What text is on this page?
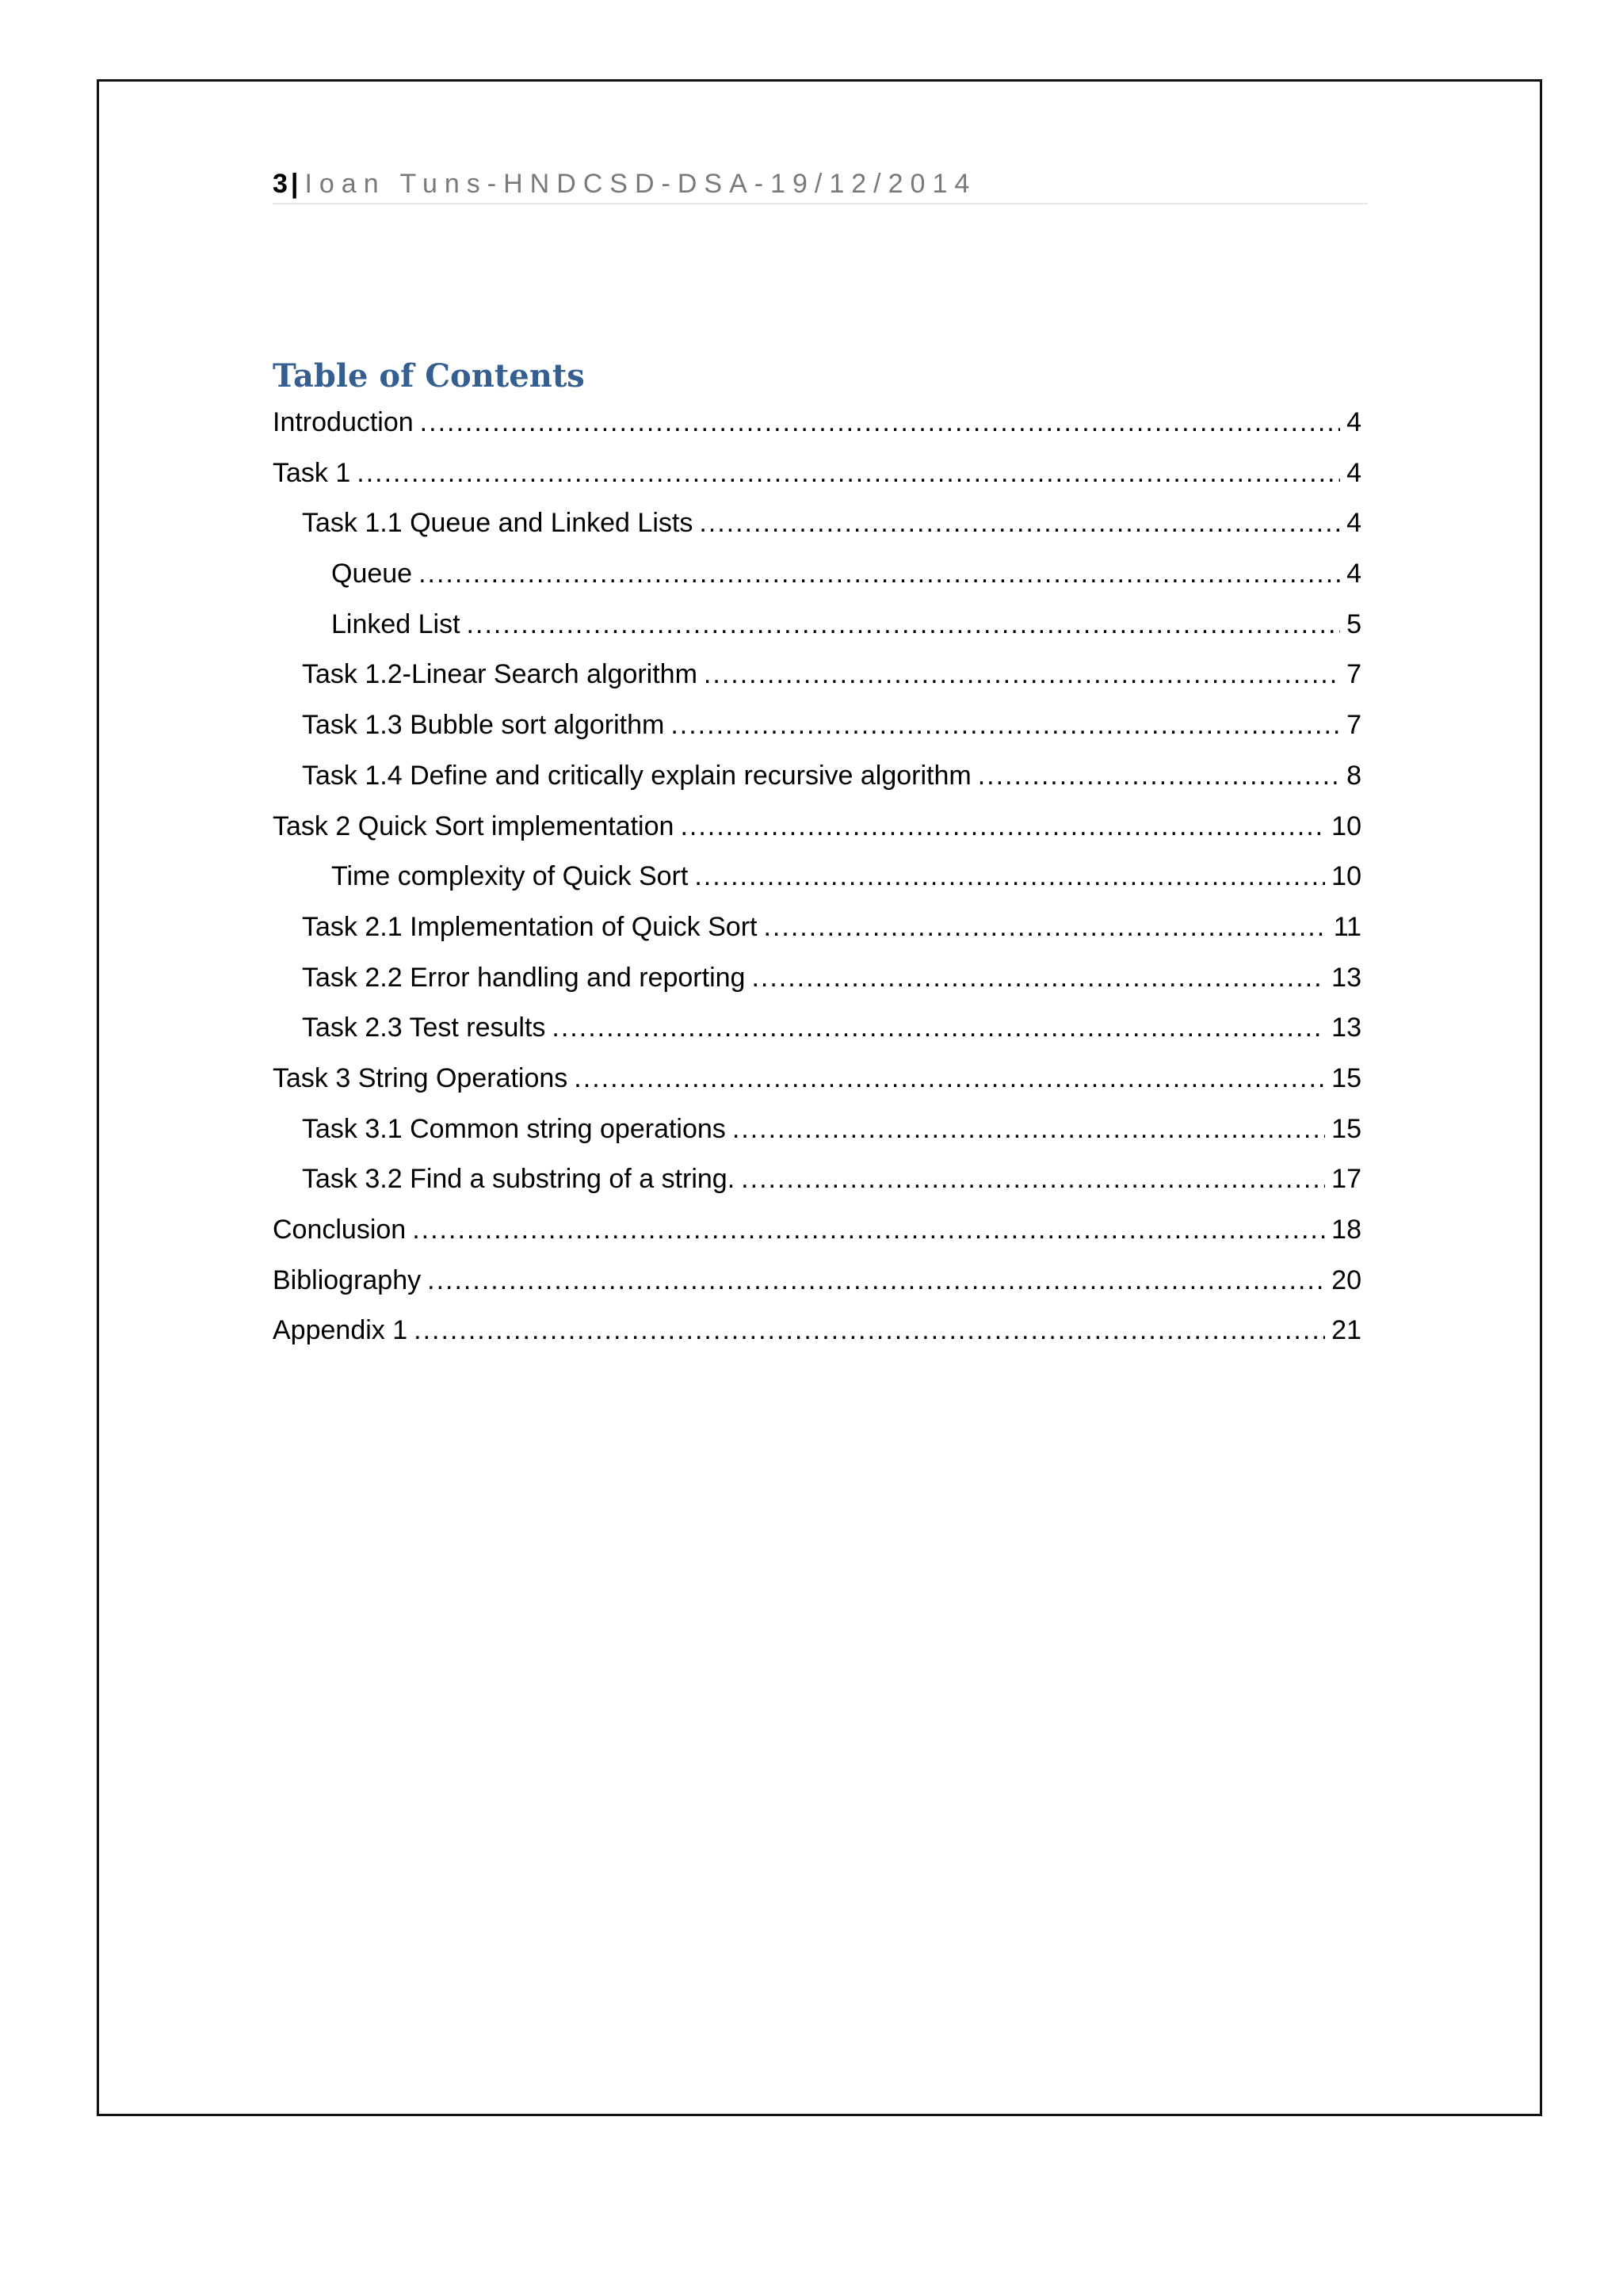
3 | Ioan Tuns-HNDCSD-DSA-19/12/2014
Table of Contents
Introduction .....	4
Task 1 .....	4
Task 1.1 Queue and Linked Lists .....	4
Queue .....	4
Linked List .....	5
Task 1.2-Linear Search algorithm .....	7
Task 1.3 Bubble sort algorithm .....	7
Task 1.4 Define and critically explain recursive algorithm .....	8
Task 2 Quick Sort implementation .....	10
Time complexity of Quick Sort .....	10
Task 2.1 Implementation of Quick Sort .....	11
Task 2.2 Error handling and reporting .....	13
Task 2.3 Test results .....	13
Task 3 String Operations .....	15
Task 3.1 Common string operations .....	15
Task 3.2 Find a substring of a string. .....	17
Conclusion .....	18
Bibliography .....	20
Appendix 1 .....	21
